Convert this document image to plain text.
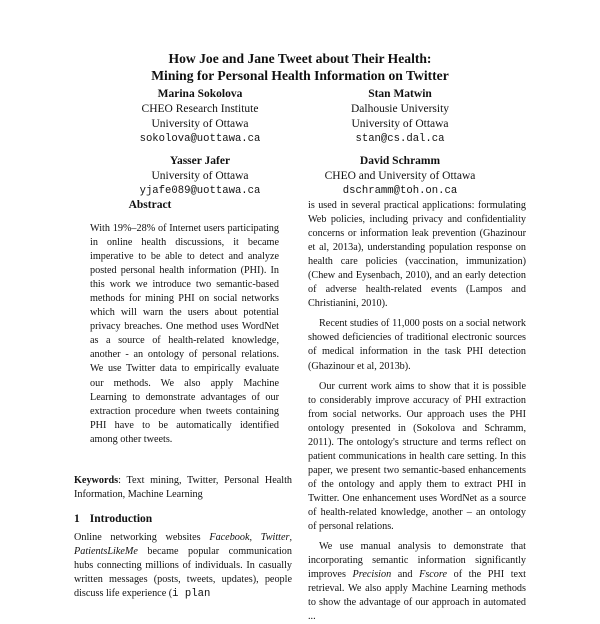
How Joe and Jane Tweet about Their Health:
Mining for Personal Health Information on Twitter
Marina Sokolova
CHEO Research Institute
University of Ottawa
sokolova@uottawa.ca
Stan Matwin
Dalhousie University
University of Ottawa
stan@cs.dal.ca
Yasser Jafer
University of Ottawa
yjafe089@uottawa.ca
David Schramm
CHEO and University of Ottawa
dschramm@toh.on.ca
Abstract

With 19%–28% of Internet users participating in online health discussions, it became imperative to be able to detect and analyze posted personal health information (PHI). In this work we introduce two semantic-based methods for mining PHI on social networks which will warn the users about potential privacy breaches. One method uses WordNet as a source of health-related knowledge, another - an ontology of personal relations. We use Twitter data to empirically evaluate our methods. We also apply Machine Learning to demonstrate advantages of our extraction procedure when tweets containing PHI have to be automatically identified among other tweets.

Keywords: Text mining, Twitter, Personal Health Information, Machine Learning

1 Introduction

Online networking websites Facebook, Twitter, PatientsLikeMe became popular communication hubs connecting millions of individuals. In casually written messages (posts, tweets, updates), people discuss life experience (i plan

is used in several practical applications: formulating Web policies, including privacy and confidentiality concerns or information leak prevention (Ghazinour et al, 2013a), understanding population response on health care policies (vaccination, immunization)(Chew and Eysenbach, 2010), and an early detection of adverse health-related events (Lampos and Christianini, 2010).

Recent studies of 11,000 posts on a social network showed deficiencies of traditional electronic sources of medical information in the task PHI detection (Ghazinour et al, 2013b).

Our current work aims to show that it is possible to considerably improve accuracy of PHI extraction from social networks. Our approach uses the PHI ontology presented in (Sokolova and Schramm, 2011). The ontology's structure and terms reflect on patient communications in health care setting. In this paper, we present two semantic-based enhancements of the ontology and apply them to extract PHI in Twitter. One enhancement uses WordNet as a source of health-related knowledge, another – an ontology of personal relations.

We use manual analysis to demonstrate that incorporating semantic information significantly improves Precision and Fscore of the PHI text retrieval. We also apply Machine Learning methods to show the advantage of our approach in automated ...
